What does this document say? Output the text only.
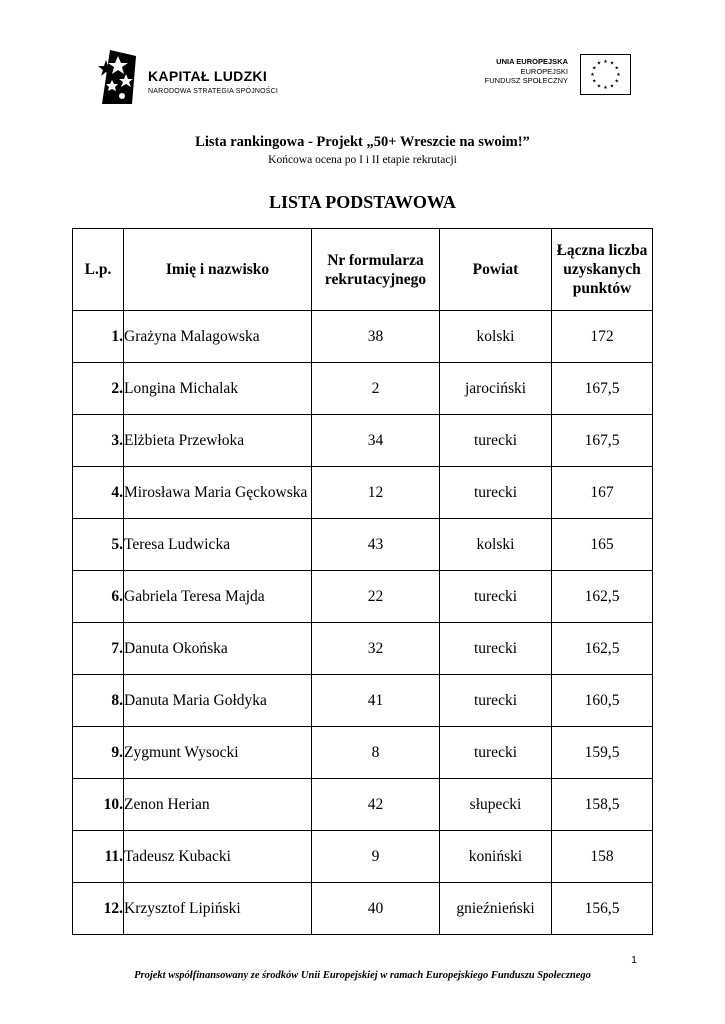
KAPITAŁ LUDZKI
NARODOWA STRATEGIA SPÓJNOŚCI
UNIA EUROPEJSKA
EUROPEJSKI
FUNDUSZ SPOŁECZNY
★ ★
★
★
★
★
★
★
★
★
★
★
Lista rankingowa - Projekt „50+ Wreszcie na swoim!”
Końcowa ocena po I i II etapie rekrutacji
LISTA PODSTAWOWA
L.p.	Imię i nazwisko	Nr formularza rekrutacyjnego	Powiat	Łączna liczba uzyskanych punktów
1.	Grażyna Malagowska	38	kolski	172
2.	Longina Michalak	2	jarociński	167,5
3.	Elżbieta Przewłoka	34	turecki	167,5
4.	Mirosława Maria Gęckowska	12	turecki	167
5.	Teresa Ludwicka	43	kolski	165
6.	Gabriela Teresa Majda	22	turecki	162,5
7.	Danuta Okońska	32	turecki	162,5
8.	Danuta Maria Gołdyka	41	turecki	160,5
9.	Zygmunt Wysocki	8	turecki	159,5
10.	Zenon Herian	42	słupecki	158,5
11.	Tadeusz Kubacki	9	koniński	158
12.	Krzysztof Lipiński	40	gnieźnieński	156,5
1
Projekt współfinansowany ze środków Unii Europejskiej w ramach Europejskiego Funduszu Społecznego
